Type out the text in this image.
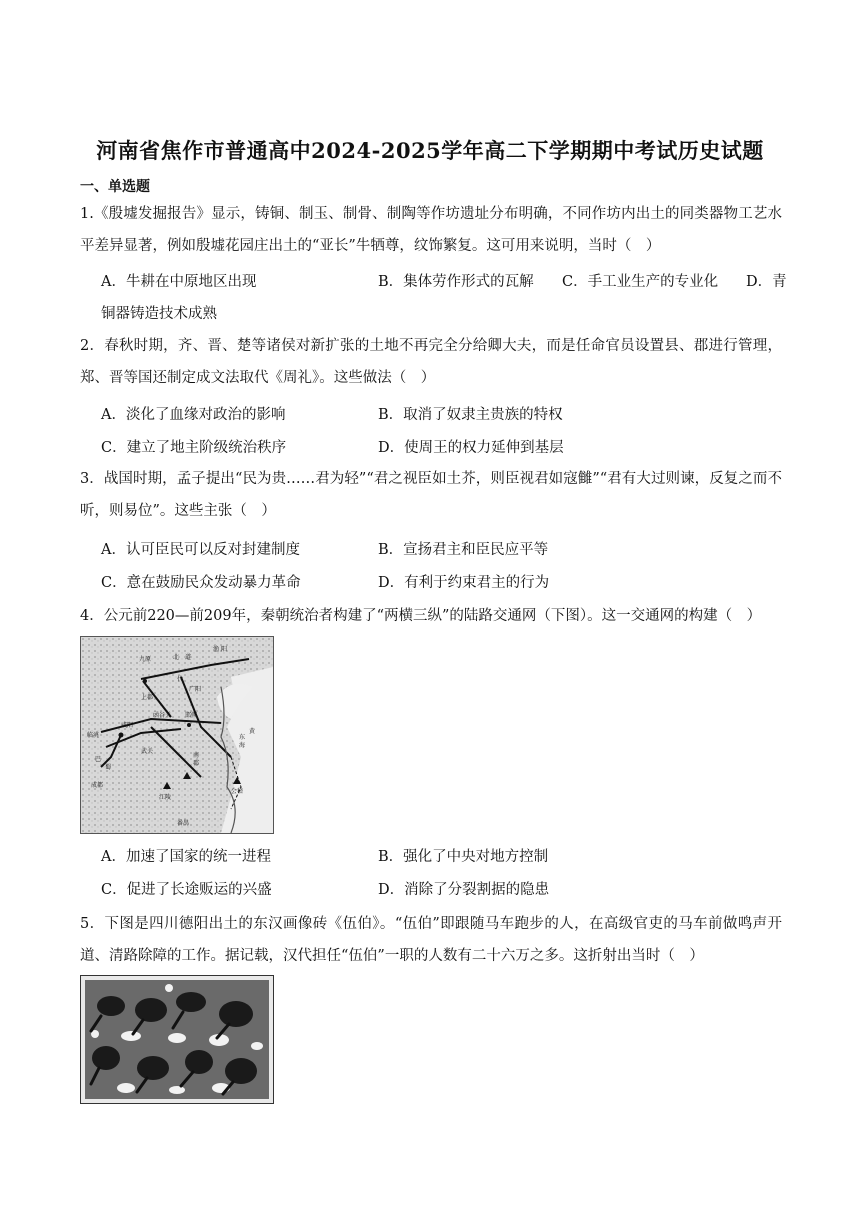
河南省焦作市普通高中2024-2025学年高二下学期期中考试历史试题
一、单选题
1.《殷墟发掘报告》显示，铸铜、制玉、制骨、制陶等作坊遗址分布明确，不同作坊内出土的同类器物工艺水平差异显著，例如殷墟花园庄出土的“亚长”牛牺尊，纹饰繁复。这可用来说明，当时（　）
A．牛耕在中原地区出现	B．集体劳作形式的瓦解 C．手工业生产的专业化 D．青
铜器铸造技术成熟
2．春秋时期，齐、晋、楚等诸侯对新扩张的土地不再完全分给卿大夫，而是任命官员设置县、郡进行管理，郑、晋等国还制定成文法取代《周礼》。这些做法（　）
A．淡化了血缘对政治的影响	B．取消了奴隶主贵族的特权
C．建立了地主阶级统治秩序	D．使周王的权力延伸到基层
3．战国时期，孟子提出“民为贵……君为轻”“君之视臣如土芥，则臣视君如寇雠”“君有大过则谏，反复之而不听，则易位”。这些主张（　）
A．认可臣民可以反对封建制度	B．宣扬君主和臣民应平等
C．意在鼓励民众发动暴力革命	D．有利于约束君主的行为
4．公元前220—前209年，秦朝统治者构建了“两横三纵”的陆路交通网（下图）。这一交通网的构建（　）
九原	北 道
渔 阳
上郡
广阳
代
邯郸
咸阳
函谷关
临洮
巴
蜀
南
郡
江陵
东
海
黄
会稽
武关
成都
番禺
A．加速了国家的统一进程	B．强化了中央对地方控制
C．促进了长途贩运的兴盛	D．消除了分裂割据的隐患
5．下图是四川德阳出土的东汉画像砖《伍伯》。“伍伯”即跟随马车跑步的人，在高级官吏的马车前做鸣声开道、清路除障的工作。据记载，汉代担任“伍伯”一职的人数有二十六万之多。这折射出当时（　）
